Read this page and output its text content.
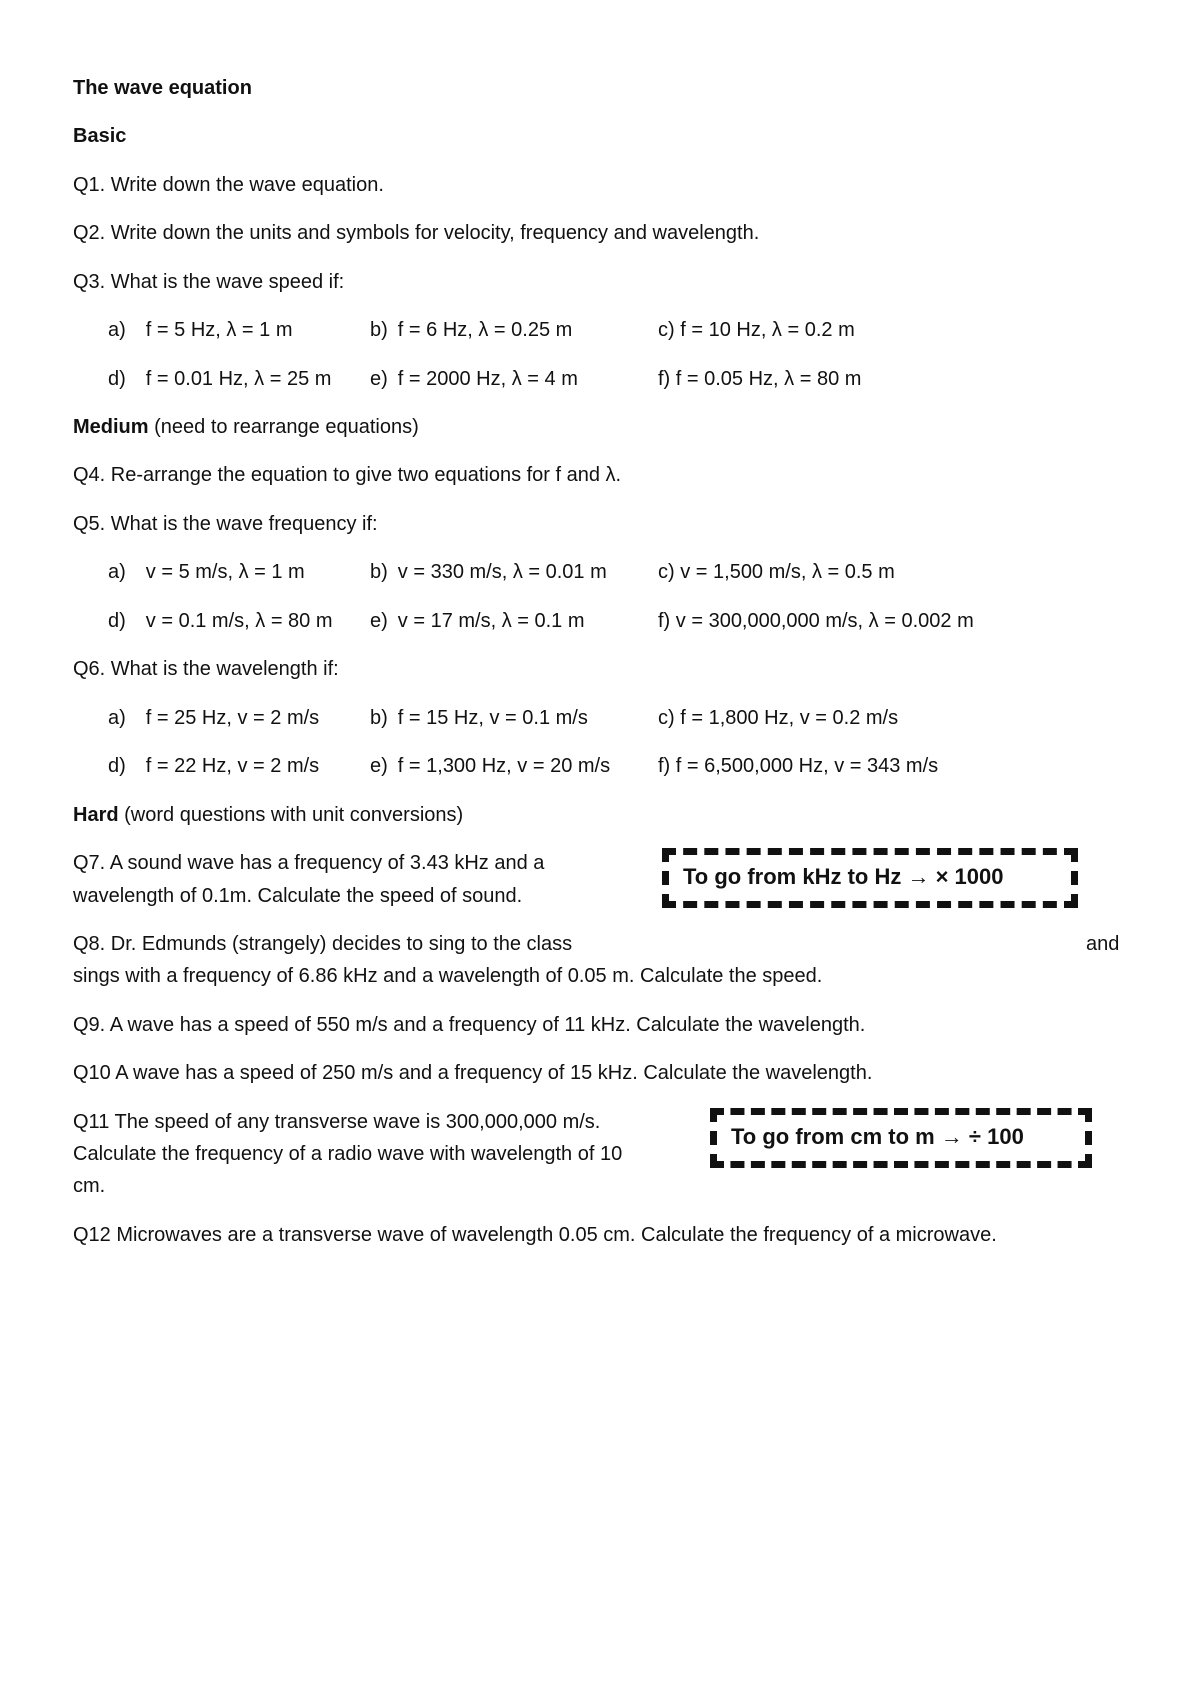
The wave equation
Basic
Q1. Write down the wave equation.
Q2. Write down the units and symbols for velocity, frequency and wavelength.
Q3. What is the wave speed if:
a) f = 5 Hz, λ = 1 m	b) f = 6 Hz, λ = 0.25 m	c) f = 10 Hz, λ = 0.2 m
d) f = 0.01 Hz, λ = 25 m e) f = 2000 Hz, λ = 4 m	f) f = 0.05 Hz, λ = 80 m
Medium (need to rearrange equations)
Q4. Re-arrange the equation to give two equations for f and λ.
Q5. What is the wave frequency if:
a) v = 5 m/s, λ = 1 m	b) v = 330 m/s, λ = 0.01 m	c) v = 1,500 m/s, λ = 0.5 m
d) v = 0.1 m/s, λ = 80 m e) v = 17 m/s, λ = 0.1 m	f) v = 300,000,000 m/s, λ = 0.002 m
Q6. What is the wavelength if:
a) f = 25 Hz, v = 2 m/s	b) f = 15 Hz, v = 0.1 m/s	c) f = 1,800 Hz, v = 0.2 m/s
d) f = 22 Hz, v = 2 m/s	e) f = 1,300 Hz, v = 20 m/s f) f = 6,500,000 Hz, v = 343 m/s
Hard (word questions with unit conversions)
Q7. A sound wave has a frequency of 3.43 kHz and a
wavelength of 0.1m. Calculate the speed of sound.
To go from kHz to Hz → × 1000
Q8. Dr. Edmunds (strangely) decides to sing to the class	and
sings with a frequency of 6.86 kHz and a wavelength of 0.05 m. Calculate the speed.
Q9. A wave has a speed of 550 m/s and a frequency of 11 kHz. Calculate the wavelength.
Q10 A wave has a speed of 250 m/s and a frequency of 15 kHz. Calculate the wavelength.
Q11 The speed of any transverse wave is 300,000,000 m/s.
Calculate the frequency of a radio wave with wavelength of 10
cm.
To go from cm to m → ÷ 100
Q12 Microwaves are a transverse wave of wavelength 0.05 cm. Calculate the frequency of a microwave.
